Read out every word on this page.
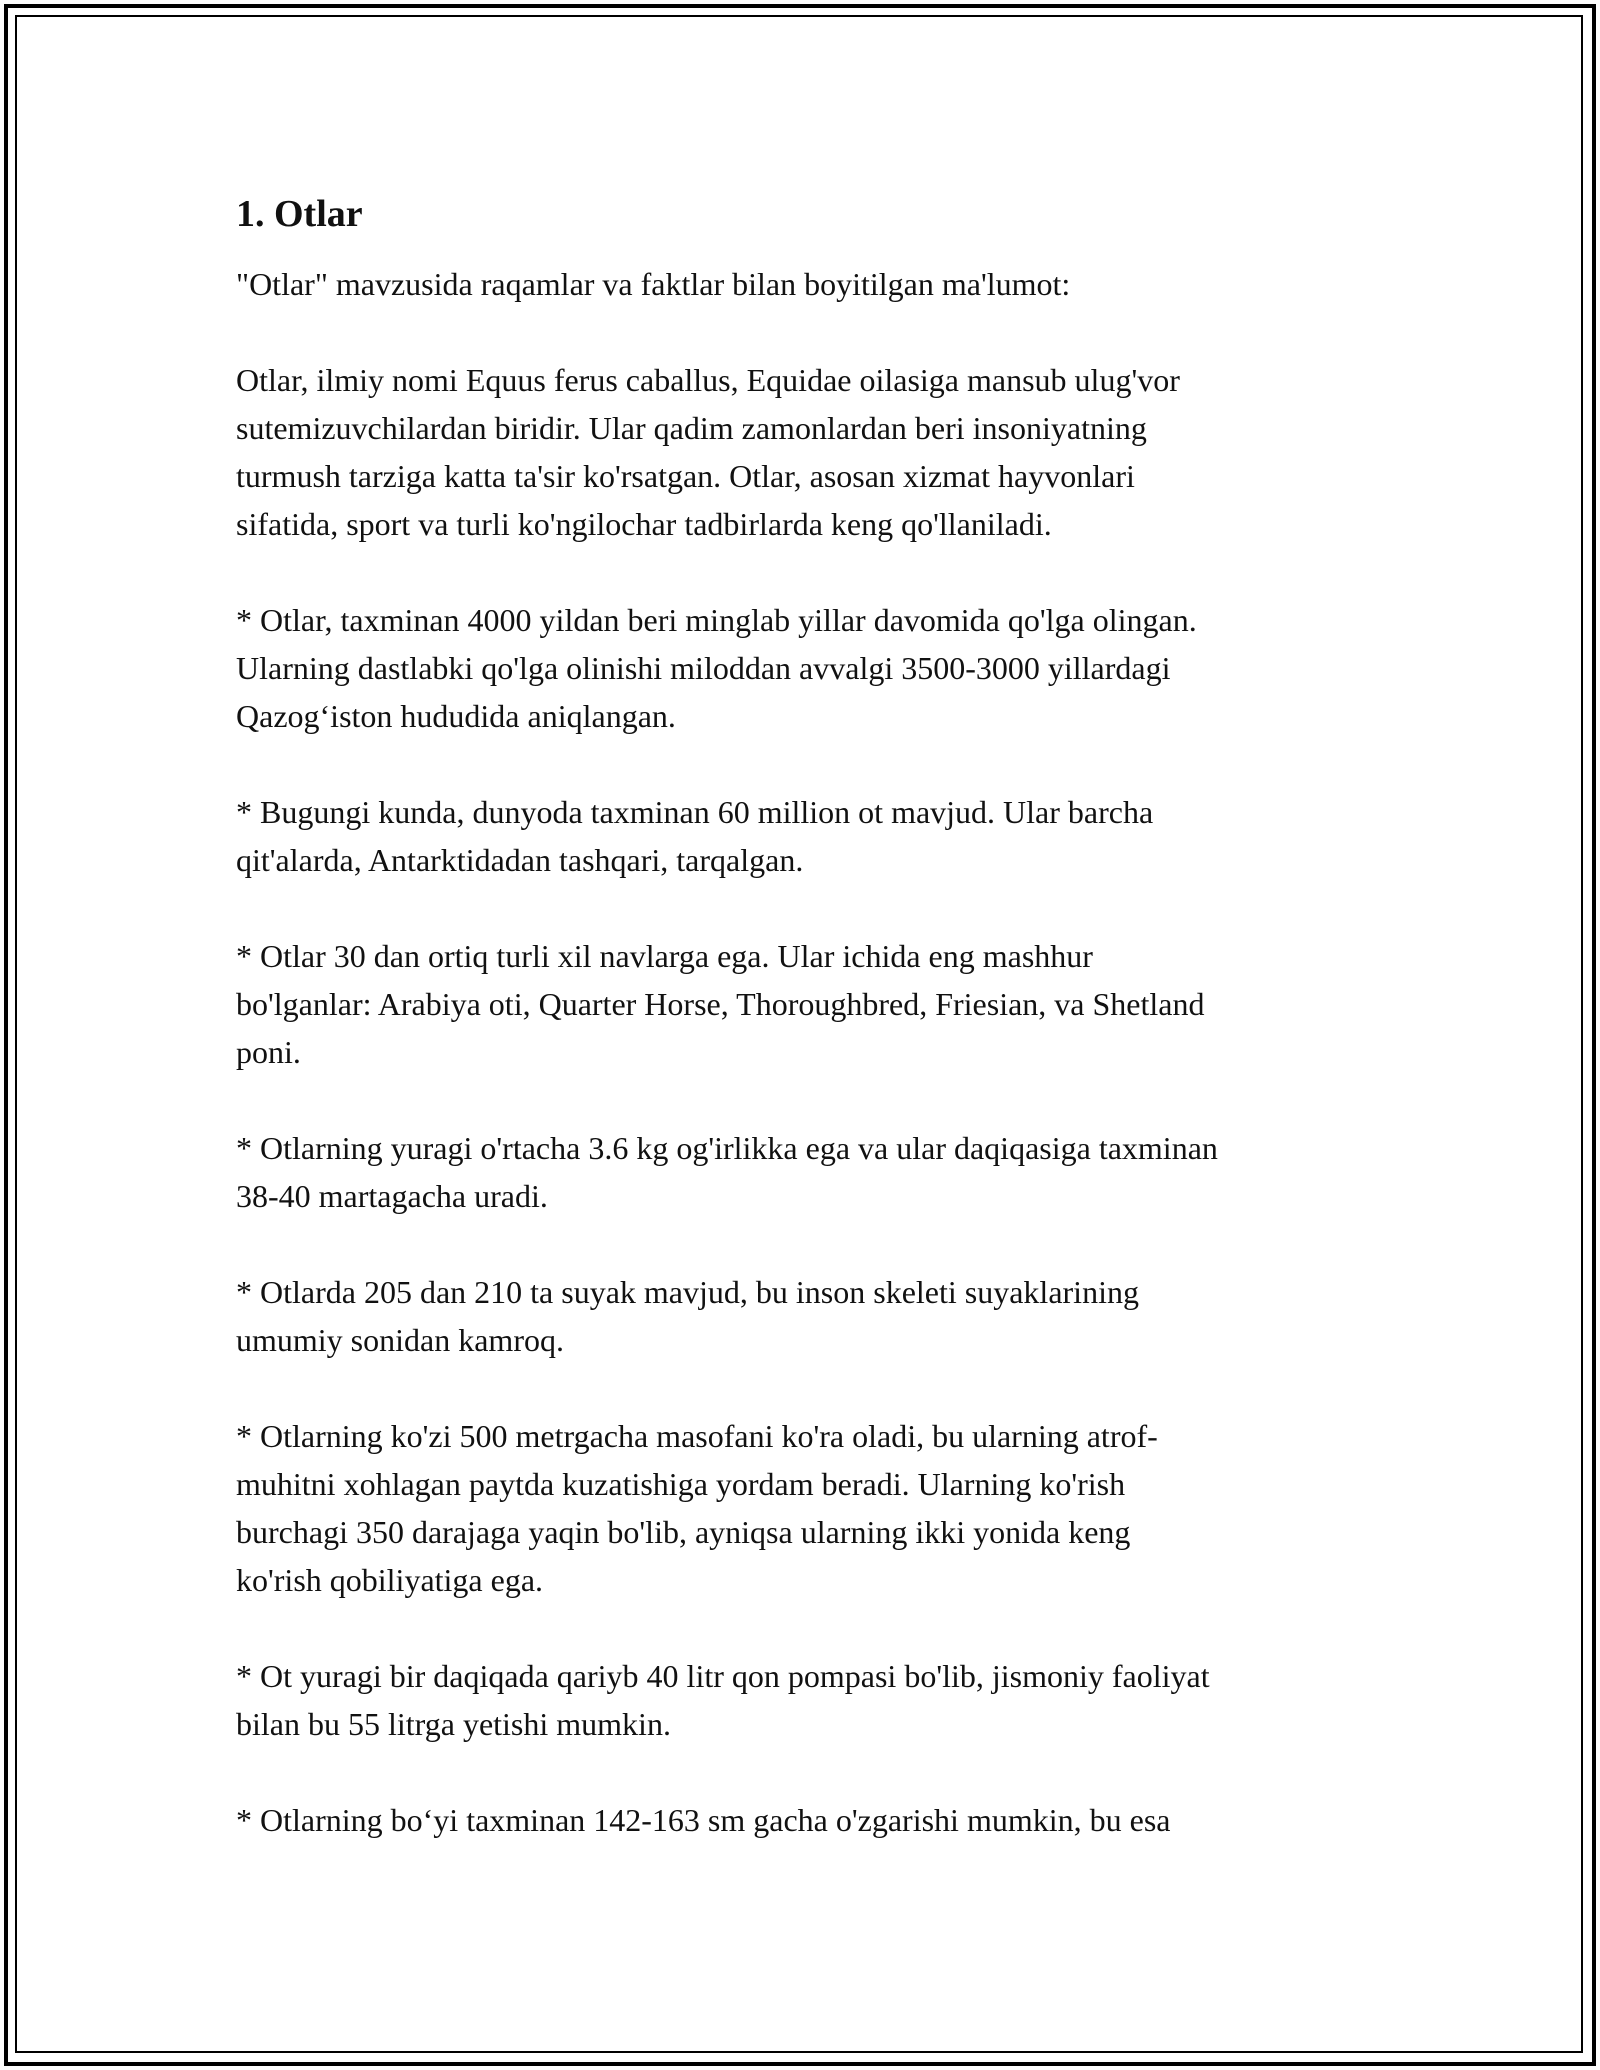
1. Otlar

"Otlar" mavzusida raqamlar va faktlar bilan boyitilgan ma'lumot:

Otlar, ilmiy nomi Equus ferus caballus, Equidae oilasiga mansub ulug'vor
sutemizuvchilardan biridir. Ular qadim zamonlardan beri insoniyatning
turmush tarziga katta ta'sir ko'rsatgan. Otlar, asosan xizmat hayvonlari
sifatida, sport va turli ko'ngilochar tadbirlarda keng qo'llaniladi.

* Otlar, taxminan 4000 yildan beri minglab yillar davomida qo'lga olingan.
Ularning dastlabki qo'lga olinishi miloddan avvalgi 3500-3000 yillardagi
Qazog‘iston hududida aniqlangan.

* Bugungi kunda, dunyoda taxminan 60 million ot mavjud. Ular barcha
qit'alarda, Antarktidadan tashqari, tarqalgan.

* Otlar 30 dan ortiq turli xil navlarga ega. Ular ichida eng mashhur
bo'lganlar: Arabiya oti, Quarter Horse, Thoroughbred, Friesian, va Shetland
poni.

* Otlarning yuragi o'rtacha 3.6 kg og'irlikka ega va ular daqiqasiga taxminan
38-40 martagacha uradi.

* Otlarda 205 dan 210 ta suyak mavjud, bu inson skeleti suyaklarining
umumiy sonidan kamroq.

* Otlarning ko'zi 500 metrgacha masofani ko'ra oladi, bu ularning atrof-
muhitni xohlagan paytda kuzatishiga yordam beradi. Ularning ko'rish
burchagi 350 darajaga yaqin bo'lib, ayniqsa ularning ikki yonida keng
ko'rish qobiliyatiga ega.

* Ot yuragi bir daqiqada qariyb 40 litr qon pompasi bo'lib, jismoniy faoliyat
bilan bu 55 litrga yetishi mumkin.

* Otlarning bo‘yi taxminan 142-163 sm gacha o'zgarishi mumkin, bu esa
